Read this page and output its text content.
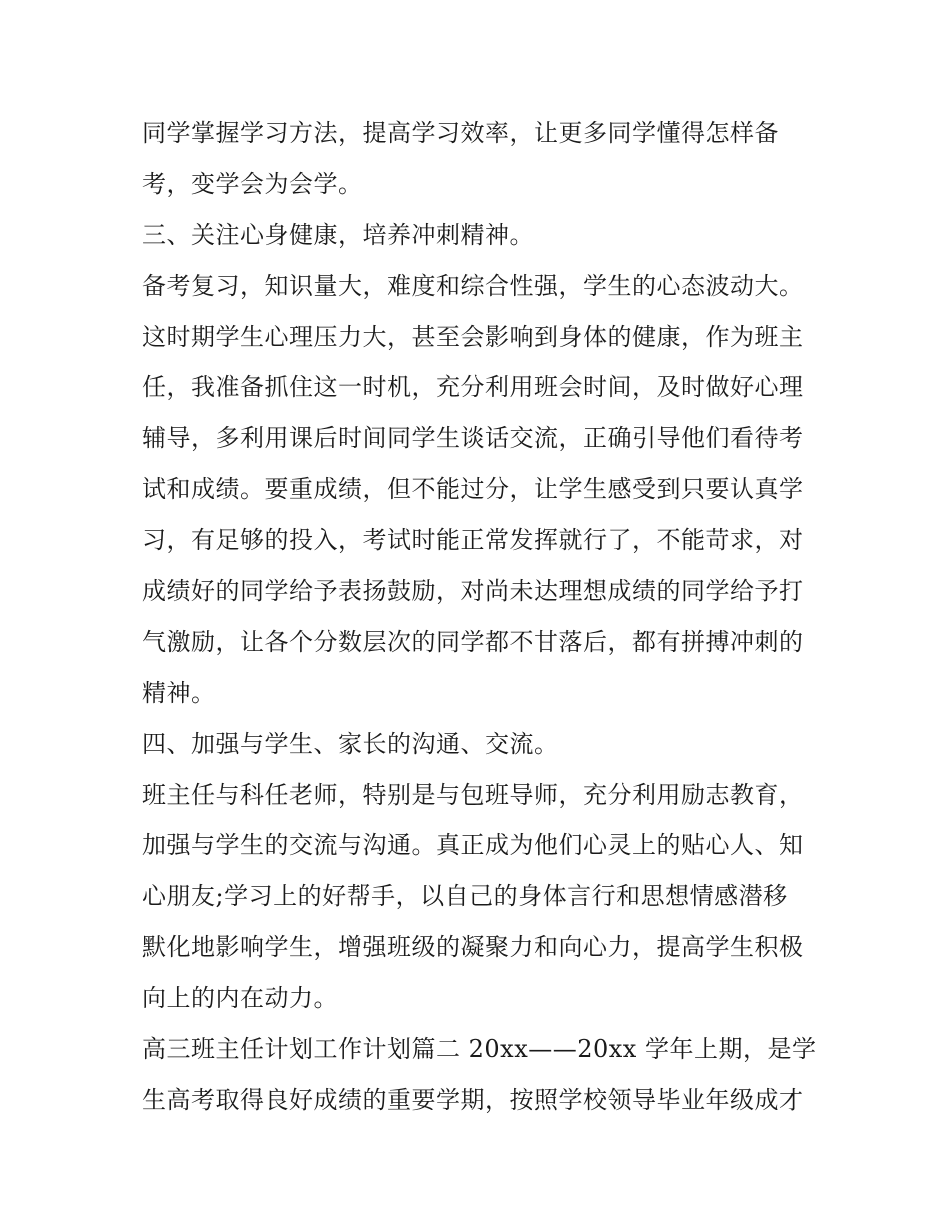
同学掌握学习方法，提高学习效率，让更多同学懂得怎样备
考，变学会为会学。
三、关注心身健康，培养冲刺精神。
备考复习，知识量大，难度和综合性强，学生的心态波动大。
这时期学生心理压力大，甚至会影响到身体的健康，作为班主
任，我准备抓住这一时机，充分利用班会时间，及时做好心理
辅导，多利用课后时间同学生谈话交流，正确引导他们看待考
试和成绩。要重成绩，但不能过分，让学生感受到只要认真学
习，有足够的投入，考试时能正常发挥就行了，不能苛求，对
成绩好的同学给予表扬鼓励，对尚未达理想成绩的同学给予打
气激励，让各个分数层次的同学都不甘落后，都有拼搏冲刺的
精神。
四、加强与学生、家长的沟通、交流。
班主任与科任老师，特别是与包班导师，充分利用励志教育，
加强与学生的交流与沟通。真正成为他们心灵上的贴心人、知
心朋友;学习上的好帮手，以自己的身体言行和思想情感潜移
默化地影响学生，增强班级的凝聚力和向心力，提高学生积极
向上的内在动力。
高三班主任计划工作计划篇二 20xx——20xx 学年上期，是学
生高考取得良好成绩的重要学期，按照学校领导毕业年级成才
